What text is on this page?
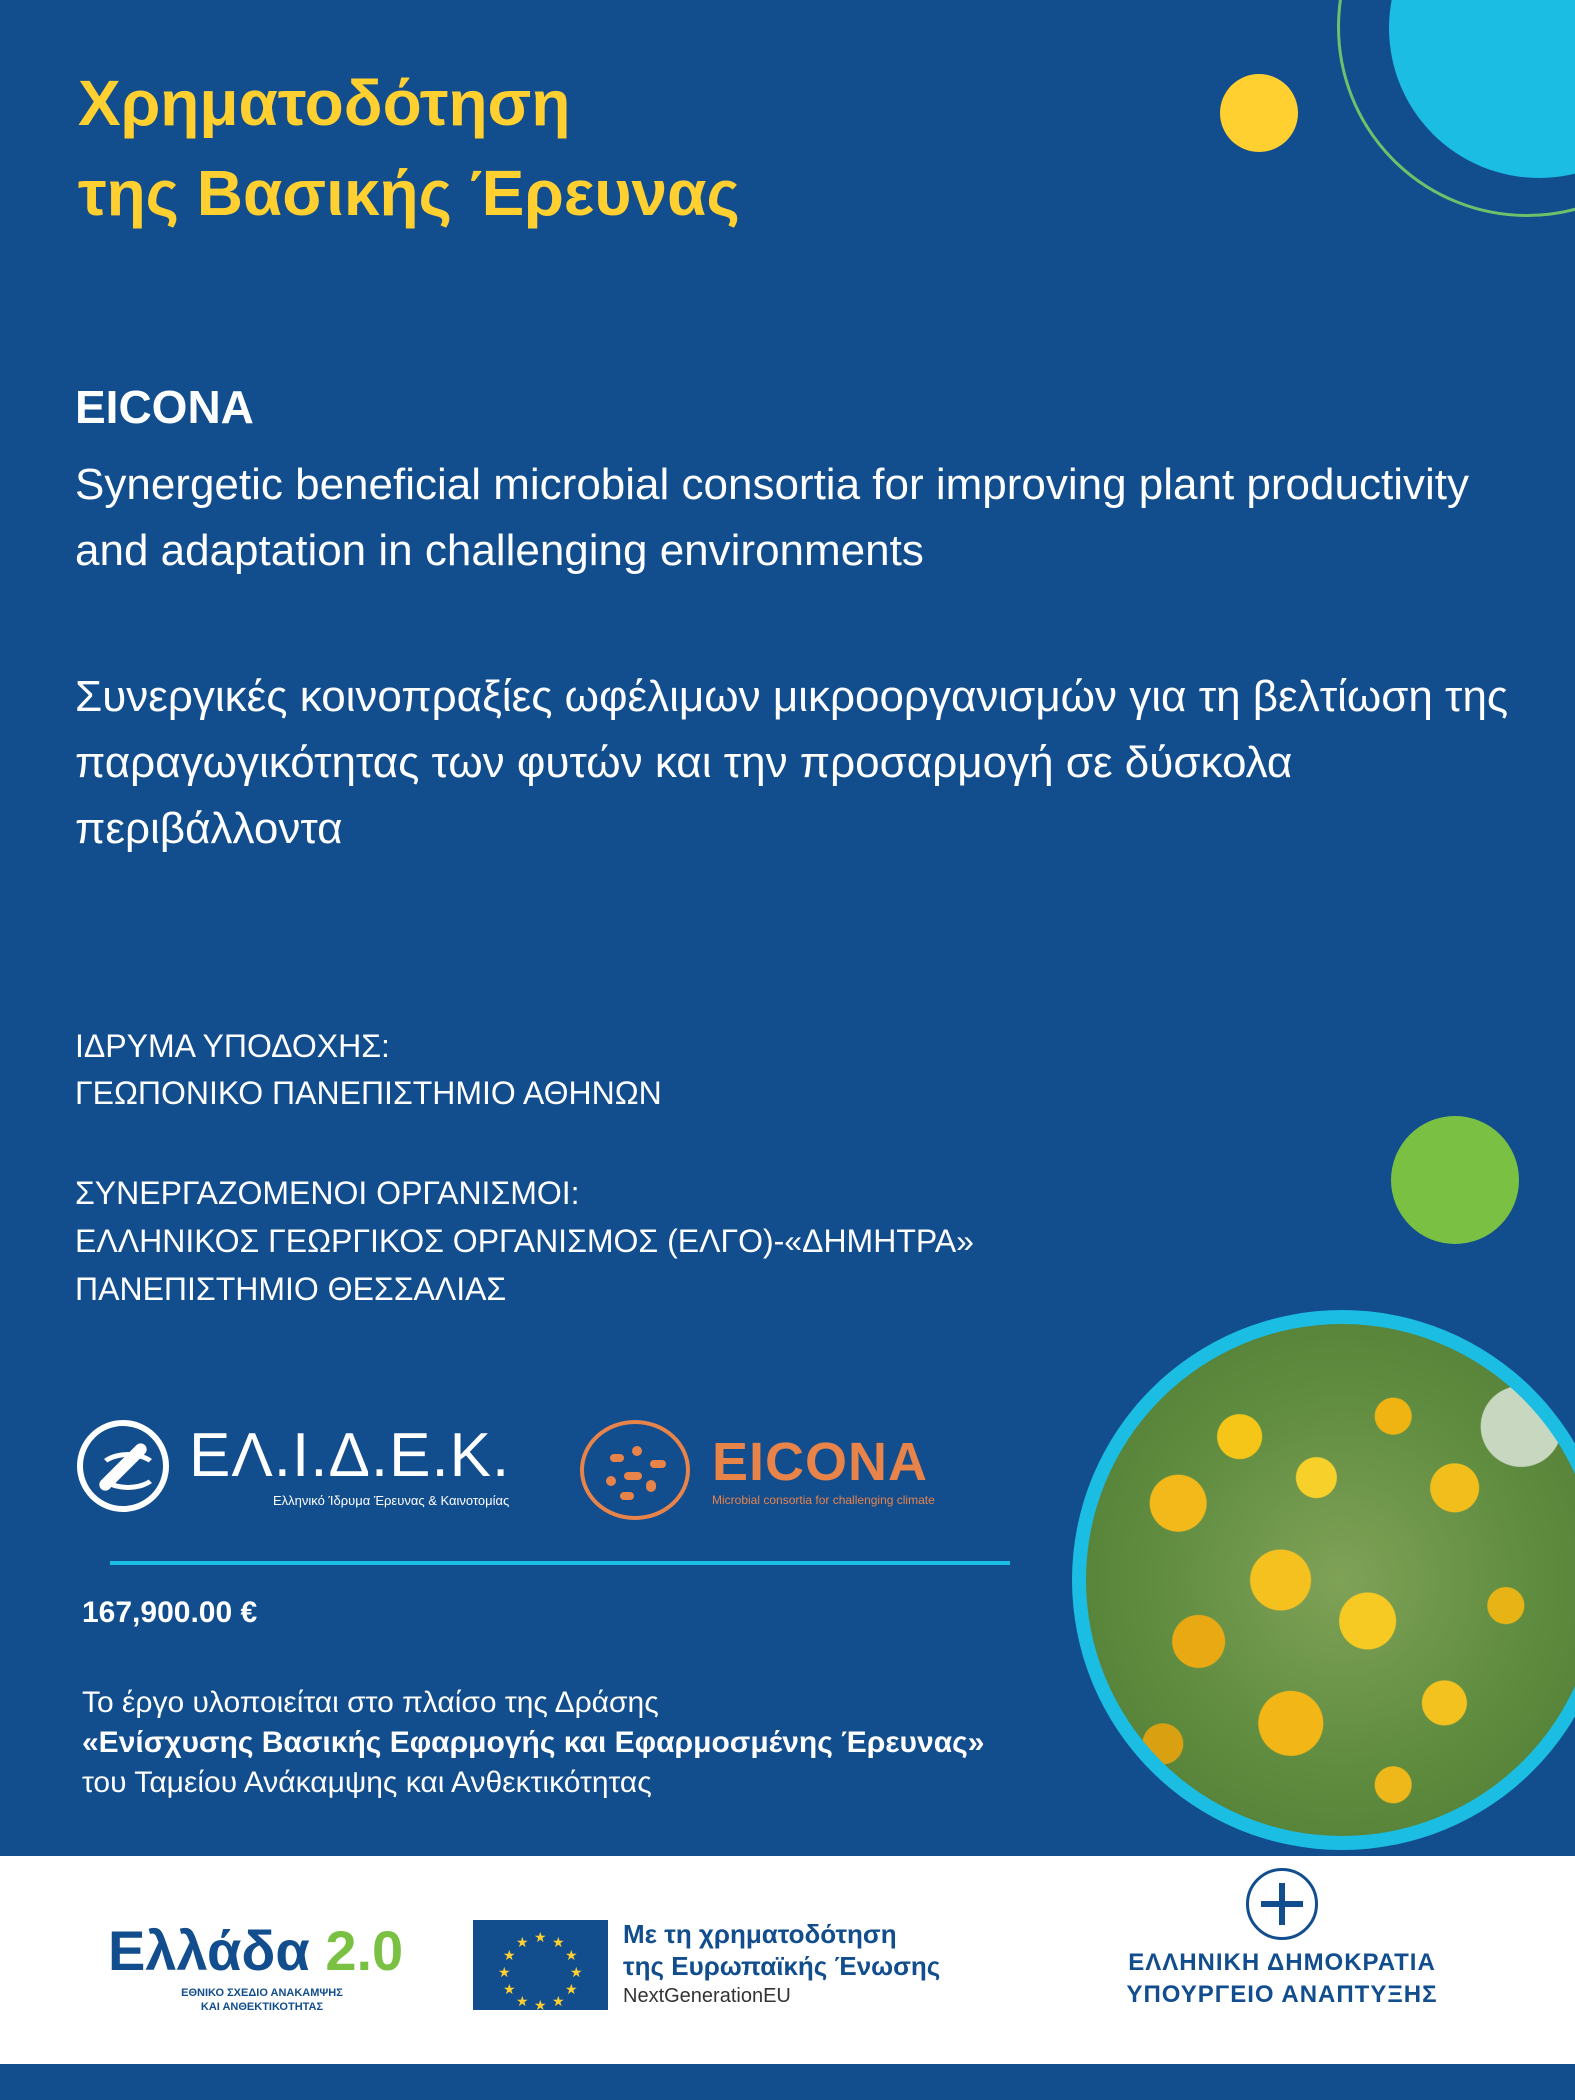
Χρηματοδότηση
της Βασικής Έρευνας
EICONA

Synergetic beneficial microbial consortia for improving plant productivity and adaptation in challenging environments

Συνεργικές κοινοπραξίες ωφέλιμων μικροοργανισμών για τη βελτίωση της παραγωγικότητας των φυτών και την προσαρμογή σε δύσκολα περιβάλλοντα

ΙΔΡΥΜΑ ΥΠΟΔΟΧΗΣ:

ΓΕΩΠΟΝΙΚΟ ΠΑΝΕΠΙΣΤΗΜΙΟ ΑΘΗΝΩΝ

ΣΥΝΕΡΓΑΖΟΜΕΝΟΙ ΟΡΓΑΝΙΣΜΟΙ:

ΕΛΛΗΝΙΚΟΣ ΓΕΩΡΓΙΚΟΣ ΟΡΓΑΝΙΣΜΟΣ (ΕΛΓΟ)-«ΔΗΜΗΤΡΑ»

ΠΑΝΕΠΙΣΤΗΜΙΟ ΘΕΣΣΑΛΙΑΣ

ΕΛ.Ι.Δ.Ε.Κ.

Ελληνικό Ίδρυμα Έρευνας & Καινοτομίας

EICONA

Microbial consortia for challenging climate

167,900.00 €

Το έργο υλοποιείται στο πλαίσο της Δράσης
«Ενίσχυσης Βασικής Εφαρμογής και Εφαρμοσμένης Έρευνας» του Ταμείου Ανάκαμψης και Ανθεκτικότητας

Ελλάδα 2.0

ΕΘΝΙΚΟ ΣΧΕΔΙΟ ΑΝΑΚΑΜΨΗΣ
ΚΑΙ ΑΝΘΕΚΤΙΚΟΤΗΤΑΣ

★ ★
★
★
★
★
★
★
★
★
★
★	Με τη χρηματοδότηση

της Ευρωπαϊκής Ένωσης

NextGenerationEU

ΕΛΛΗΝΙΚΗ ΔΗΜΟΚΡΑΤΙΑ

ΥΠΟΥΡΓΕΙΟ ΑΝΑΠΤΥΞΗΣ
